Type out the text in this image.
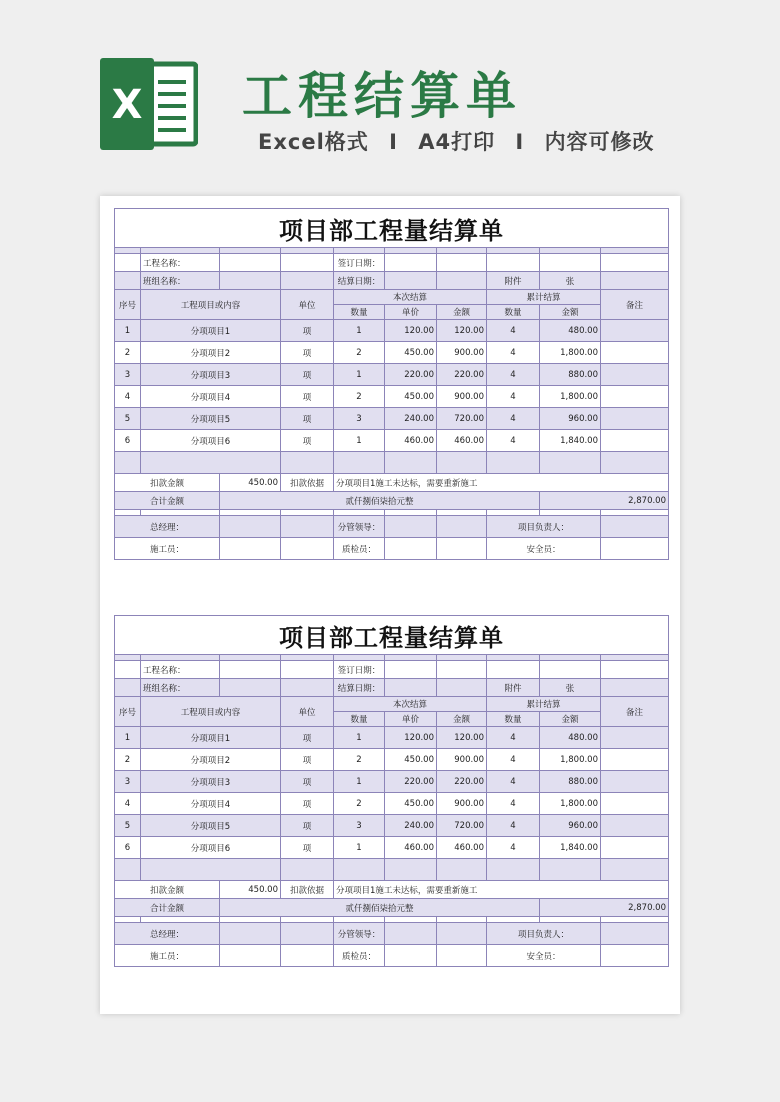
X 工程结算单
Excel格式 I A4打印 I 内容可修改
项目部工程量结算单									

	工程名称：			签订日期：					
	班组名称：			结算日期：			附件	张	
序号	工程项目或内容		单位	本次结算			累计结算		备注
				数量	单价	金额	数量	金额	
1	分项项目1		项	1	120.00	120.00	4	480.00	
2	分项项目2		项	2	450.00	900.00	4	1,800.00	
3	分项项目3		项	1	220.00	220.00	4	880.00	
4	分项项目4		项	2	450.00	900.00	4	1,800.00	
5	分项项目5		项	3	240.00	720.00	4	960.00	
6	分项项目6		项	1	460.00	460.00	4	1,840.00	

扣款金额		450.00	扣款依据	分项项目1施工未达标，需要重新施工					
合计金额		贰仟捌佰柒拾元整						2,870.00	

总经理：				分管领导：			项目负责人：		
施工员：				质检员：			安全员：		
项目部工程量结算单									

	工程名称：			签订日期：					
	班组名称：			结算日期：			附件	张	
序号	工程项目或内容		单位	本次结算			累计结算		备注
				数量	单价	金额	数量	金额	
1	分项项目1		项	1	120.00	120.00	4	480.00	
2	分项项目2		项	2	450.00	900.00	4	1,800.00	
3	分项项目3		项	1	220.00	220.00	4	880.00	
4	分项项目4		项	2	450.00	900.00	4	1,800.00	
5	分项项目5		项	3	240.00	720.00	4	960.00	
6	分项项目6		项	1	460.00	460.00	4	1,840.00	

扣款金额		450.00	扣款依据	分项项目1施工未达标，需要重新施工					
合计金额		贰仟捌佰柒拾元整						2,870.00	

总经理：				分管领导：			项目负责人：		
施工员：				质检员：			安全员：		
